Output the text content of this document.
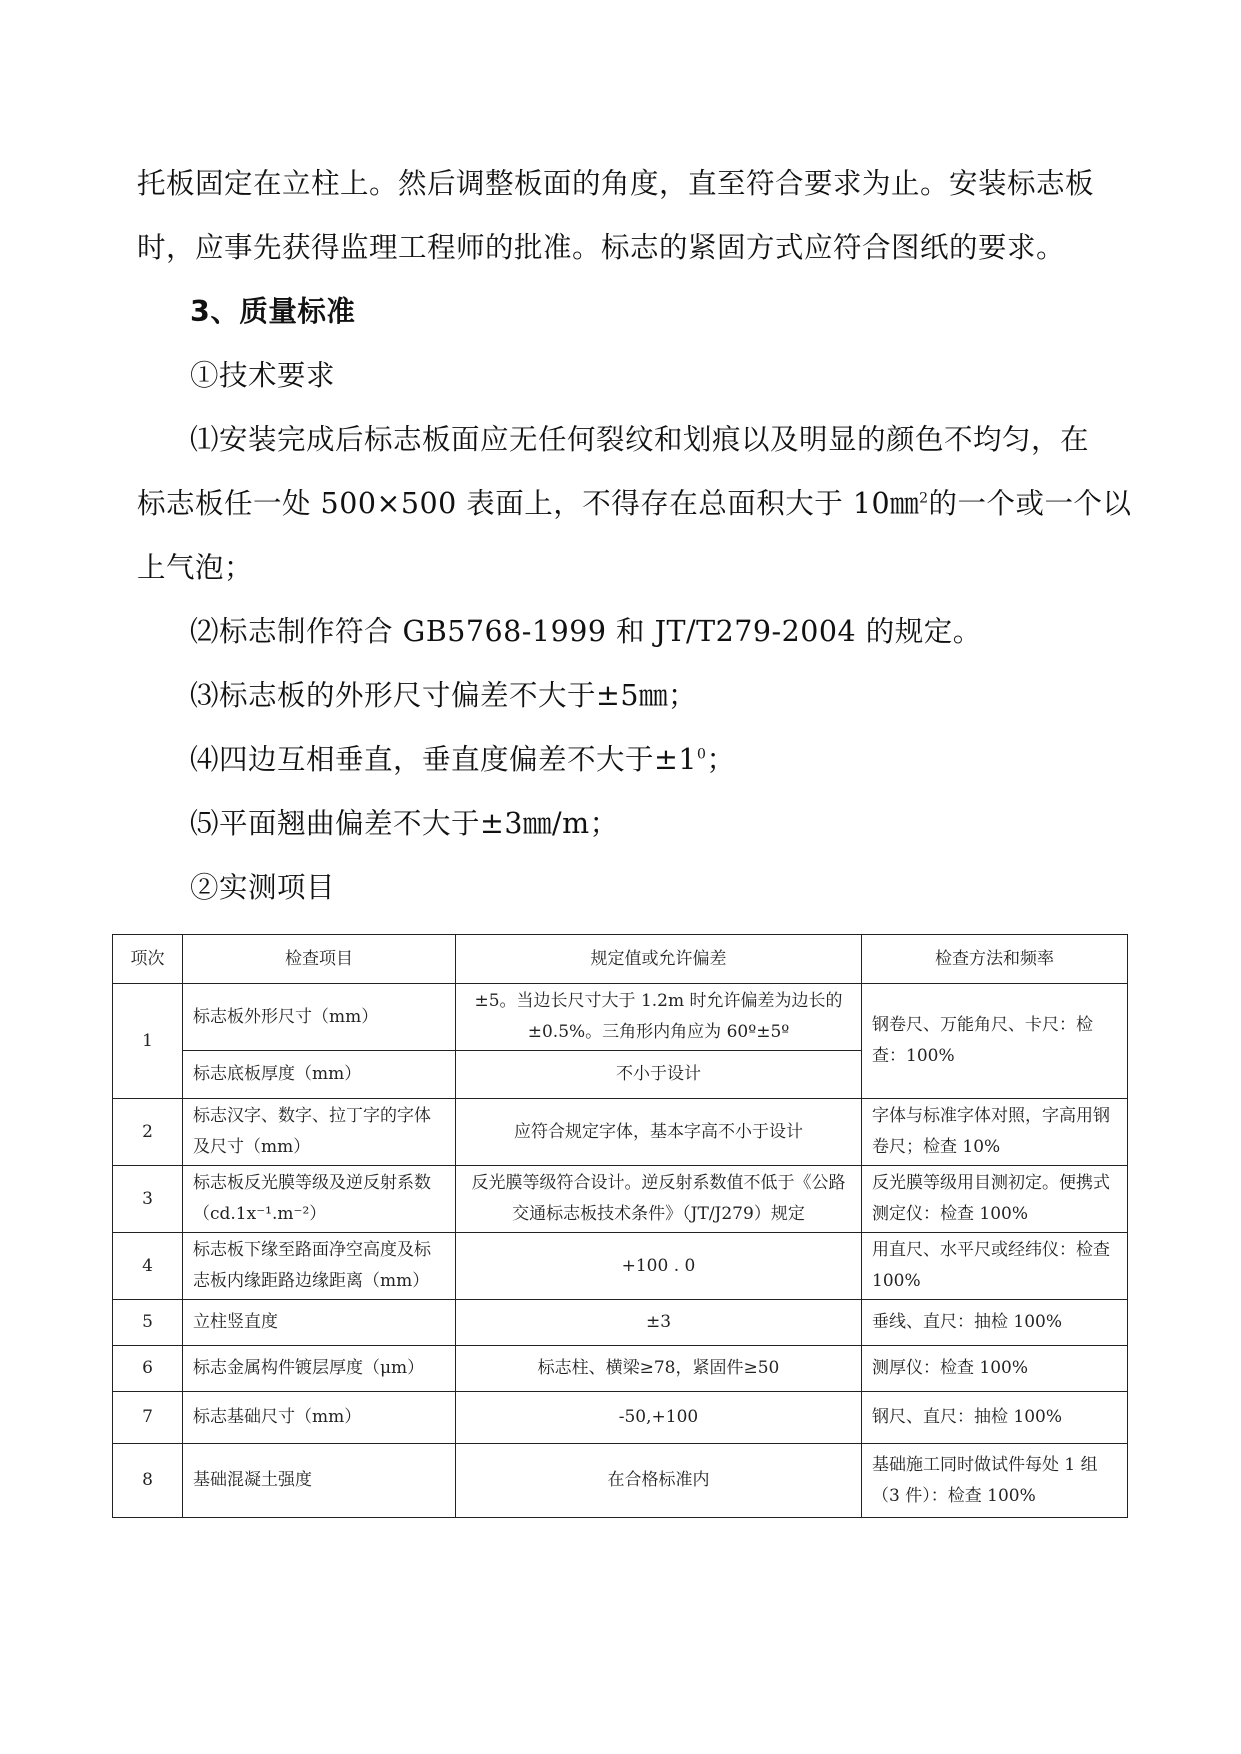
托板固定在立柱上。然后调整板面的角度，直至符合要求为止。安装标志板
时，应事先获得监理工程师的批准。标志的紧固方式应符合图纸的要求。
3、质量标准
①技术要求
⑴安装完成后标志板面应无任何裂纹和划痕以及明显的颜色不均匀，在
标志板任一处 500×500 表面上，不得存在总面积大于 10㎜$^2$的一个或一个以
上气泡；
⑵标志制作符合 GB5768-1999 和 JT/T279-2004 的规定。
⑶标志板的外形尺寸偏差不大于±5㎜；
⑷四边互相垂直，垂直度偏差不大于$\pm 1^0$；
⑸平面翘曲偏差不大于±3㎜/m；
②实测项目
项次	检查项目	规定值或允许偏差	检查方法和频率
1	标志板外形尺寸（mm）	±5。当边长尺寸大于 1.2m 时允许偏差为边长的±0.5%。三角形内角应为 60º±5º	钢卷尺、万能角尺、卡尺：检查：100%
	标志底板厚度（mm）	不小于设计	
2	标志汉字、数字、拉丁字的字体及尺寸（mm）	应符合规定字体，基本字高不小于设计	字体与标准字体对照，字高用钢卷尺；检查 10%
3	标志板反光膜等级及逆反射系数（cd.1x⁻¹.m⁻²）	反光膜等级符合设计。逆反射系数值不低于《公路交通标志板技术条件》（JT/J279）规定	反光膜等级用目测初定。便携式测定仪：检查 100%
4	标志板下缘至路面净空高度及标志板内缘距路边缘距离（mm）	+100 . 0	用直尺、水平尺或经纬仪：检查 100%
5	立柱竖直度	±3	垂线、直尺：抽检 100%
6	标志金属构件镀层厚度（μm）	标志柱、横梁≥78，紧固件≥50	测厚仪：检查 100%
7	标志基础尺寸（mm）	-50,+100	钢尺、直尺：抽检 100%
8	基础混凝土强度	在合格标准内	基础施工同时做试件每处 1 组（3 件）：检查 100%
